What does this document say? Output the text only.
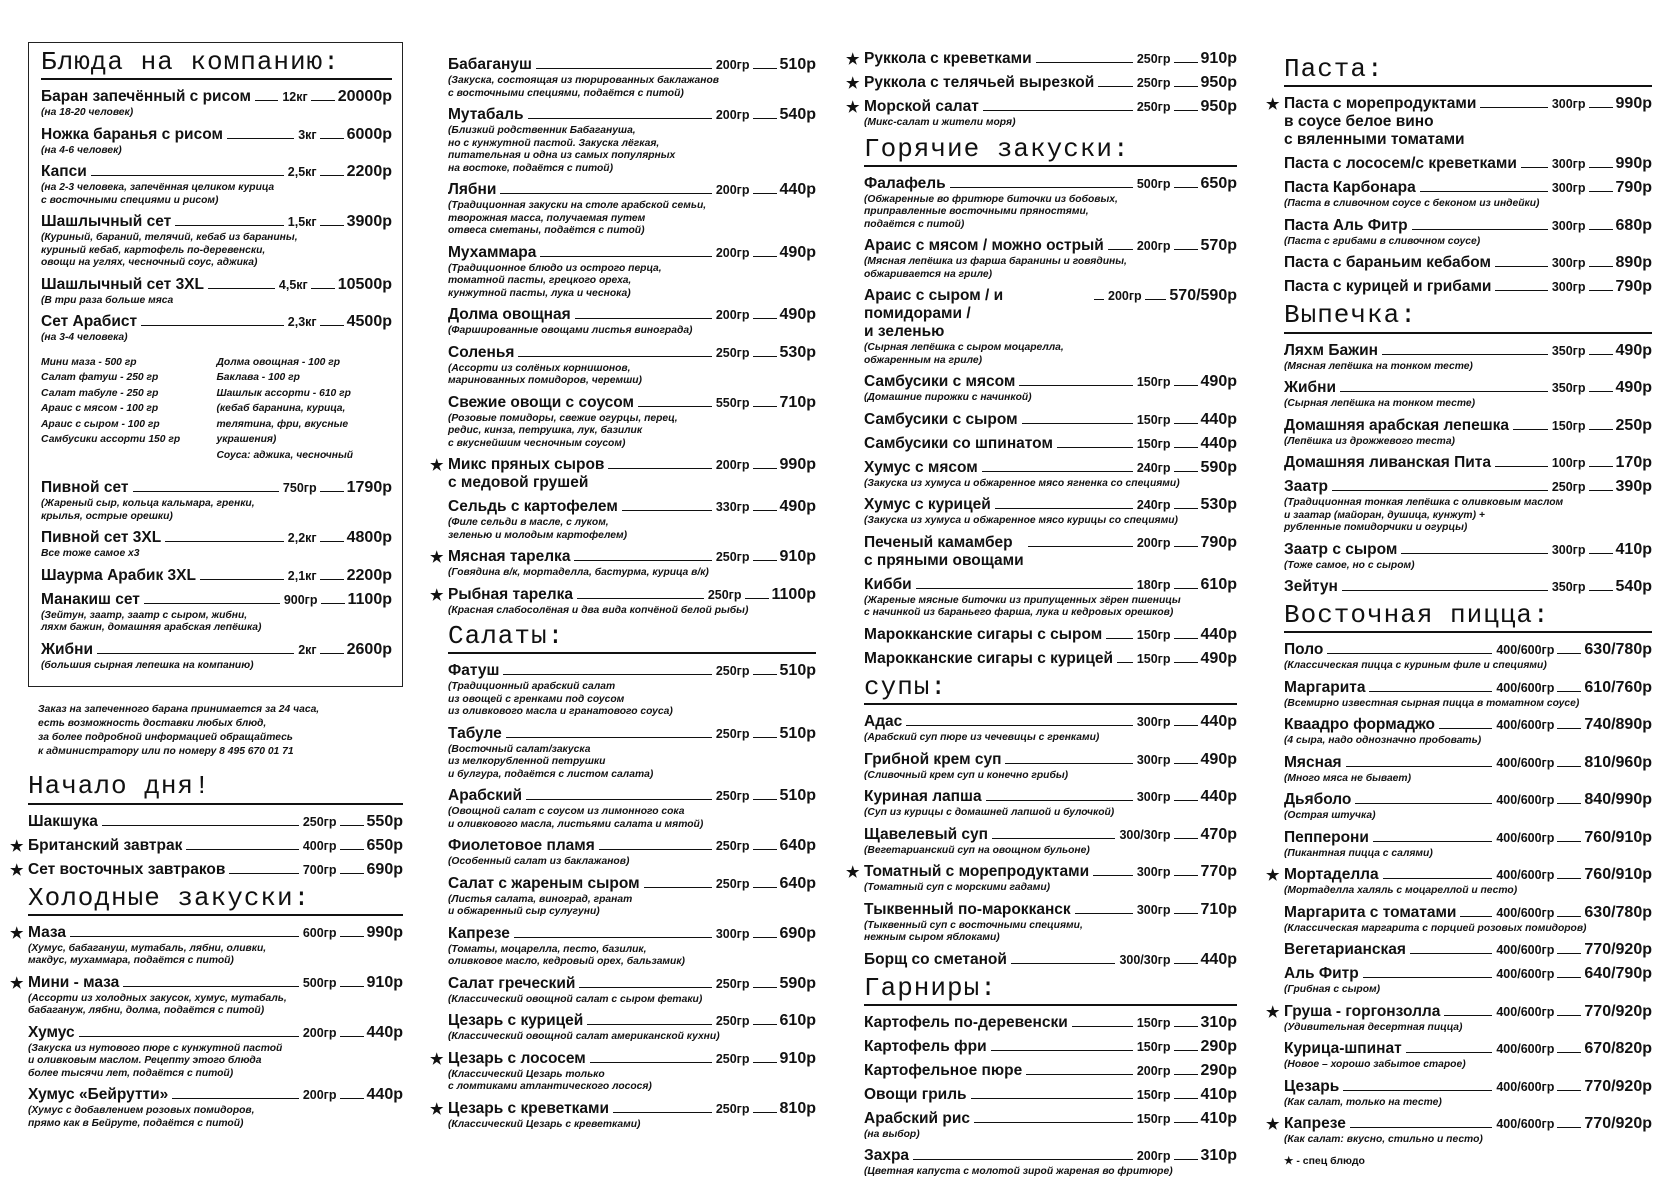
Блюда на компанию:
Баран запечённый с рисом	12кг 20000р
(на 18-20 человек)
Ножка баранья с рисом	3кг 6000р
(на 4-6 человек)
Капси	2,5кг 2200р
(на 2-3 человека, запечённая целиком курица
с восточными специями и рисом)
Шашлычный сет	1,5кг 3900р
(Куриный, бараний, телячий, кебаб из баранины,
куриный кебаб, картофель по-деревенски,
овощи на углях, чесночный соус, аджика)
Шашлычный сет 3XL	4,5кг 10500р
(В три раза больше мяса
Сет Арабист	2,3кг 4500р
(на 3-4 человека)
Мини маза - 500 гр
Салат фатуш - 250 гр
Салат табуле - 250 гр
Араис с мясом - 100 гр
Араис с сыром - 100 гр
Самбусики ассорти 150 гр
Долма овощная - 100 гр
Баклава - 100 гр
Шашлык ассорти - 610 гр
(кебаб баранина, курица,
телятина, фри, вкусные украшения)
Соуса: аджика, чесночный
Пивной сет	750гр 1790р
(Жареный сыр, кольца кальмара, гренки,
крылья, острые орешки)
Пивной сет 3XL	2,2кг 4800р
Все тоже самое х3
Шаурма Арабик 3XL	2,1кг 2200р
Манакиш сет	900гр 1100р
(Зейтун, заатр, заатр с сыром, жибни,
ляхм бажин, домашняя арабская лепёшка)
Жибни	2кг 2600р
(большия сырная лепешка на компанию)
Заказ на запеченного барана принимается за 24 часа,
есть возможность доставки любых блюд,
за более подробной информацией обращайтесь
к администратору или по номеру 8 495 670 01 71
Начало дня!
Шакшука	250гр 550р
★ Британский завтрак	400гр 650р
★ Сет восточных завтраков	700гр 690р
Холодные закуски:
★ Маза	600гр 990р
(Хумус, бабагануш, мутабаль, лябни, оливки,
макдус, мухаммара, подаётся с питой)
★ Мини - маза	500гр 910р
(Ассорти из холодных закусок, хумус, мутабаль,
бабагануж, лябни, долма, подаётся с питой)
Хумус	200гр 440р
(Закуска из нутового пюре с кунжутной пастой
и оливковым маслом. Рецепту этого блюда
более тысячи лет, подаётся с питой)
Хумус «Бейрутти»	200гр 440р
(Хумус с добавлением розовых помидоров,
прямо как в Бейруте, подаётся с питой)
Бабагануш	200гр 510р
(Закуска, состоящая из пюрированных баклажанов
с восточными специями, подаётся с питой)
Мутабаль	200гр 540р
(Близкий родственник Бабагануша,
но с кунжутной пастой. Закуска лёгкая,
питательная и одна из самых популярных
на востоке, подаётся с питой)
Лябни	200гр 440р
(Традиционная закуски на столе арабской семьи,
творожная масса, получаемая путем
отвеса сметаны, подаётся с питой)
Мухаммара	200гр 490р
(Традиционное блюдо из острого перца,
томатной пасты, грецкого ореха,
кунжутной пасты, лука и чеснока)
Долма овощная	200гр 490р
(Фаршированные овощами листья винограда)
Соленья	250гр 530р
(Ассорти из солёных корнишонов,
маринованных помидоров, черемши)
Свежие овощи с соусом	550гр 710р
(Розовые помидоры, свежие огурцы, перец,
редис, кинза, петрушка, лук, базилик
с вкуснейшим чесночным соусом)
★ Микс пряных сыров
с медовой грушей
200гр 990р
Сельдь с картофелем	330гр 490р
(Филе сельди в масле, с луком,
зеленью и молодым картофелем)
★ Мясная тарелка	250гр 910р
(Говядина в/к, мортаделла, бастурма, курица в/к)
★ Рыбная тарелка	250гр 1100р
(Красная слабосолёная и два вида копчёной белой рыбы)
Салаты:
Фатуш	250гр 510р
(Традиционный арабский салат
из овощей с гренками под соусом
из оливкового масла и гранатового соуса)
Табуле	250гр 510р
(Восточный салат/закуска
из мелкорубленной петрушки
и булгура, подаётся с листом салата)
Арабский	250гр 510р
(Овощной салат с соусом из лимонного сока
и оливкового масла, листьями салата и мятой)
Фиолетовое пламя	250гр 640р
(Особенный салат из баклажанов)
Салат с жареным сыром	250гр 640р
(Листья салата, виноград, гранат
и обжаренный сыр сулугуни)
Капрезе	300гр 690р
(Томаты, моцарелла, песто, базилик,
оливковое масло, кедровый орех, бальзамик)
Салат греческий	250гр 590р
(Классический овощной салат с сыром фетаки)
Цезарь с курицей	250гр 610р
(Классический овощной салат американской кухни)
★ Цезарь с лососем	250гр 910р
(Классический Цезарь только
с ломтиками атлантического лосося)
★ Цезарь с креветками	250гр 810р
(Классический Цезарь с креветками)
★ Руккола с креветками	250гр 910р
★ Руккола с телячьей вырезкой	250гр 950р
★ Морской салат	250гр 950р
(Микс-салат и жители моря)
Горячие закуски:
Фалафель	500гр 650р
(Обжаренные во фритюре биточки из бобовых,
приправленные восточными пряностями,
подаётся с питой)
Араис с мясом / можно острый	200гр 570р
(Мясная лепёшка из фарша баранины и говядины,
обжаривается на гриле)
Араис с сыром / и помидорами /
и зеленью
200гр 570/590р
(Сырная лепёшка с сыром моцарелла,
обжаренным на гриле)
Самбусики с мясом	150гр 490р
(Домашние пирожки с начинкой)
Самбусики с сыром	150гр 440р
Самбусики со шпинатом	150гр 440р
Хумус с мясом	240гр 590р
(Закуска из хумуса и обжаренное мясо ягненка со специями)
Хумус с курицей	240гр 530р
(Закуска из хумуса и обжаренное мясо курицы со специями)
Печеный камамбер
с пряными овощами
200гр 790р
Кибби	180гр 610р
(Жареные мясные биточки из припущенных зёрен пшеницы
с начинкой из бараньего фарша, лука и кедровых орешков)
Марокканские сигары с сыром	150гр 440р
Марокканские сигары с курицей 150гр 490р
супы:
Адас	300гр 440р
(Арабский суп пюре из чечевицы с гренками)
Грибной крем суп	300гр 490р
(Сливочный крем суп и конечно грибы)
Куриная лапша	300гр 440р
(Суп из курицы с домашней лапшой и булочкой)
Щавелевый суп	300/30гр 470р
(Вегетарианский суп на овощном бульоне)
★ Томатный с морепродуктами	300гр 770р
(Томатный суп с морскими гадами)
Тыквенный по-марокканск	300гр 710р
(Тыквенный суп с восточными специями,
нежным сыром яблоками)
Борщ со сметаной	300/30гр 440р
Гарниры:
Картофель по-деревенски	150гр 310р
Картофель фри	150гр 290р
Картофельное пюре	200гр 290р
Овощи гриль	150гр 410р
Арабский рис	150гр 410р
(на выбор)
Захра	200гр 310р
(Цветная капуста с молотой зирой жареная во фритюре)
Паста:
★ Паста с морепродуктами
в соусе белое вино
с вяленными томатами
300гр 990р
Паста с лососем/с креветками	300гр 990р
Паста Карбонара	300гр 790р
(Паста в сливочном соусе с беконом из индейки)
Паста Аль Фитр	300гр 680р
(Паста с грибами в сливочном соусе)
Паста с бараньим кебабом	300гр 890р
Паста с курицей и грибами	300гр 790р
Выпечка:
Ляхм Бажин	350гр 490р
(Мясная лепёшка на тонком тесте)
Жибни	350гр 490р
(Сырная лепёшка на тонком тесте)
Домашняя арабская лепешка	150гр 250р
(Лепёшка из дрожжевого теста)
Домашняя ливанская Пита	100гр 170р
Заатр	250гр 390р
(Традиционная тонкая лепёшка с оливковым маслом
и заатар (майоран, душица, кунжут) +
рубленные помидорчики и огурцы)
Заатр с сыром	300гр 410р
(Тоже самое, но с сыром)
Зейтун	350гр 540р
Восточная пицца:
Поло	400/600гр 630/780р
(Классическая пицца с куриным филе и специями)
Маргарита	400/600гр 610/760р
(Всемирно известная сырная пицца в томатном соусе)
Кваадро формаджо	400/600гр 740/890р
(4 сыра, надо однозначно пробовать)
Мясная	400/600гр 810/960р
(Много мяса не бывает)
Дьяболо	400/600гр 840/990р
(Острая штучка)
Пепперони	400/600гр 760/910р
(Пикантная пицца с салями)
★ Мортаделла	400/600гр 760/910р
(Мортаделла халяль с моцареллой и песто)
Маргарита с томатами	400/600гр 630/780р
(Классическая маргарита с порцией розовых помидоров)
Вегетарианская	400/600гр 770/920р
Аль Фитр	400/600гр 640/790р
(Грибная с сыром)
★ Груша - горгонзолла	400/600гр 770/920р
(Удивительная десертная пицца)
Курица-шпинат	400/600гр 670/820р
(Новое – хорошо забытое старое)
Цезарь	400/600гр 770/920р
(Как салат, только на тесте)
★ Капрезе	400/600гр 770/920р
(Как салат: вкусно, стильно и песто)
★ - спец блюдо
